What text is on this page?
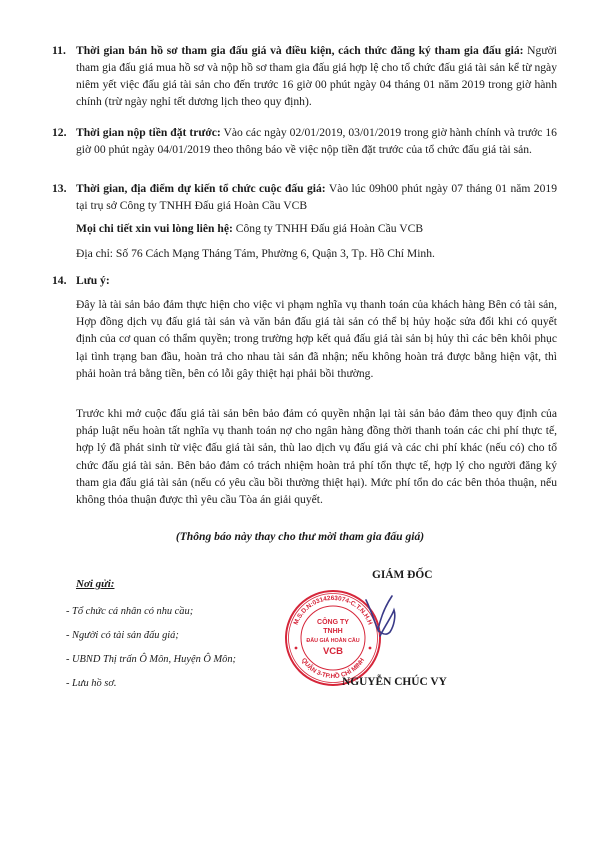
11. Thời gian bán hồ sơ tham gia đấu giá và điều kiện, cách thức đăng ký tham gia đấu giá: Người tham gia đấu giá mua hồ sơ và nộp hồ sơ tham gia đấu giá hợp lệ cho tổ chức đấu giá tài sản kể từ ngày niêm yết việc đấu giá tài sản cho đến trước 16 giờ 00 phút ngày 04 tháng 01 năm 2019 trong giờ hành chính (trừ ngày nghỉ tết dương lịch theo quy định).
12. Thời gian nộp tiền đặt trước: Vào các ngày 02/01/2019, 03/01/2019 trong giờ hành chính và trước 16 giờ 00 phút ngày 04/01/2019 theo thông báo về việc nộp tiền đặt trước của tổ chức đấu giá tài sản.
13. Thời gian, địa điểm dự kiến tổ chức cuộc đấu giá: Vào lúc 09h00 phút ngày 07 tháng 01 năm 2019 tại trụ sở Công ty TNHH Đấu giá Hoàn Cầu VCB
Mọi chi tiết xin vui lòng liên hệ: Công ty TNHH Đấu giá Hoàn Cầu VCB
Địa chỉ: Số 76 Cách Mạng Tháng Tám, Phường 6, Quận 3, Tp. Hồ Chí Minh.
14. Lưu ý:
Đây là tài sản bảo đảm thực hiện cho việc vi phạm nghĩa vụ thanh toán của khách hàng Bên có tài sản, Hợp đồng dịch vụ đấu giá tài sản và văn bản đấu giá tài sản có thể bị hủy hoặc sửa đổi khi có quyết định của cơ quan có thẩm quyền; trong trường hợp kết quả đấu giá tài sản bị hủy thì các bên khôi phục lại tình trạng ban đầu, hoàn trả cho nhau tài sản đã nhận; nếu không hoàn trả được bằng hiện vật, thì phải hoàn trả bằng tiền, bên có lỗi gây thiệt hại phải bồi thường.
Trước khi mở cuộc đấu giá tài sản bên bảo đảm có quyền nhận lại tài sản bảo đảm theo quy định của pháp luật nếu hoàn tất nghĩa vụ thanh toán nợ cho ngân hàng đồng thời thanh toán các chi phí thực tế, hợp lý đã phát sinh từ việc đấu giá tài sản, thù lao dịch vụ đấu giá và các chi phí khác (nếu có) cho tổ chức đấu giá tài sản. Bên bảo đảm có trách nhiệm hoàn trả phí tổn thực tế, hợp lý cho người đăng ký tham gia đấu giá tài sản (nếu có yêu cầu bồi thường thiệt hại). Mức phí tổn do các bên thỏa thuận, nếu không thỏa thuận được thì yêu cầu Tòa án giải quyết.
(Thông báo này thay cho thư mời tham gia đấu giá)
Nơi gửi:
- Tổ chức cá nhân có nhu cầu;
- Người có tài sản đấu giá;
- UBND Thị trấn Ô Môn, Huyện Ô Môn;
- Lưu hồ sơ.
GIÁM ĐỐC
M.S.D.N:0314263074-C.T.N.H.H
QUẬN 3-TP.HỒ CHÍ MINH
CÔNG TY
TNHH
ĐẤU GIÁ HOÀN CẦU
VCB
NGUYỄN CHÚC VY
